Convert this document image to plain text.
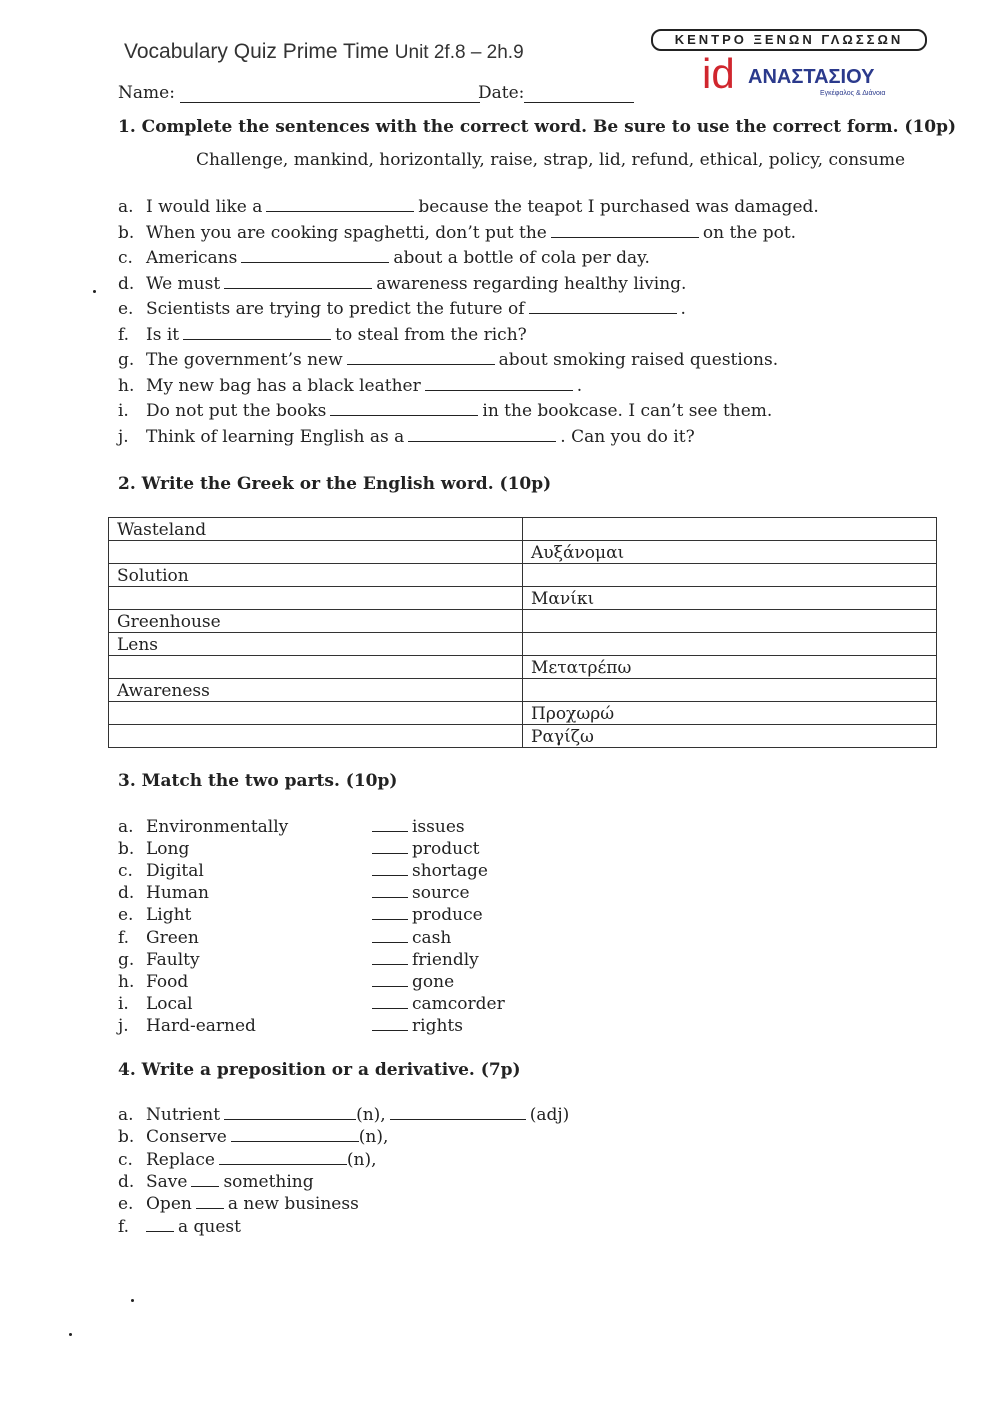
Vocabulary Quiz Prime Time Unit 2f.8 – 2h.9
Name:	Date:
ΚΕΝΤΡΟ ΞΕΝΩΝ ΓΛΩΣΣΩΝ
id ΑΝΑΣΤΑΣΙΟΥ
Εγκέφαλος & Διάνοια
1. Complete the sentences with the correct word. Be sure to use the correct form. (10p)
Challenge, mankind, horizontally, raise, strap, lid, refund, ethical, policy, consume
a. I would like a	because the teapot I purchased was damaged.
b. When you are cooking spaghetti, don’t put the	on the pot.
c. Americans	about a bottle of cola per day.
d. We must	awareness regarding healthy living.
e. Scientists are trying to predict the future of	.
f. Is it	to steal from the rich?
g. The government’s new	about smoking raised questions.
h. My new bag has a black leather	.
i. Do not put the books	in the bookcase. I can’t see them.
j. Think of learning English as a	. Can you do it?
2. Write the Greek or the English word. (10p)
Wasteland	
	Αυξάνομαι
Solution	
	Μανίκι
Greenhouse	
Lens	
	Μετατρέπω
Awareness	
	Προχωρώ
	Ραγίζω
3. Match the two parts. (10p)
a. Environmentally	issues
b. Long	product
c. Digital	shortage
d. Human	source
e. Light	produce
f. Green	cash
g. Faulty	friendly
h. Food	gone
i. Local	camcorder
j. Hard-earned	rights
4. Write a preposition or a derivative. (7p)
a. Nutrient	(n),	(adj)
b. Conserve	(n),
c. Replace	(n),
d. Save something
e. Open a new business
f.	a quest
